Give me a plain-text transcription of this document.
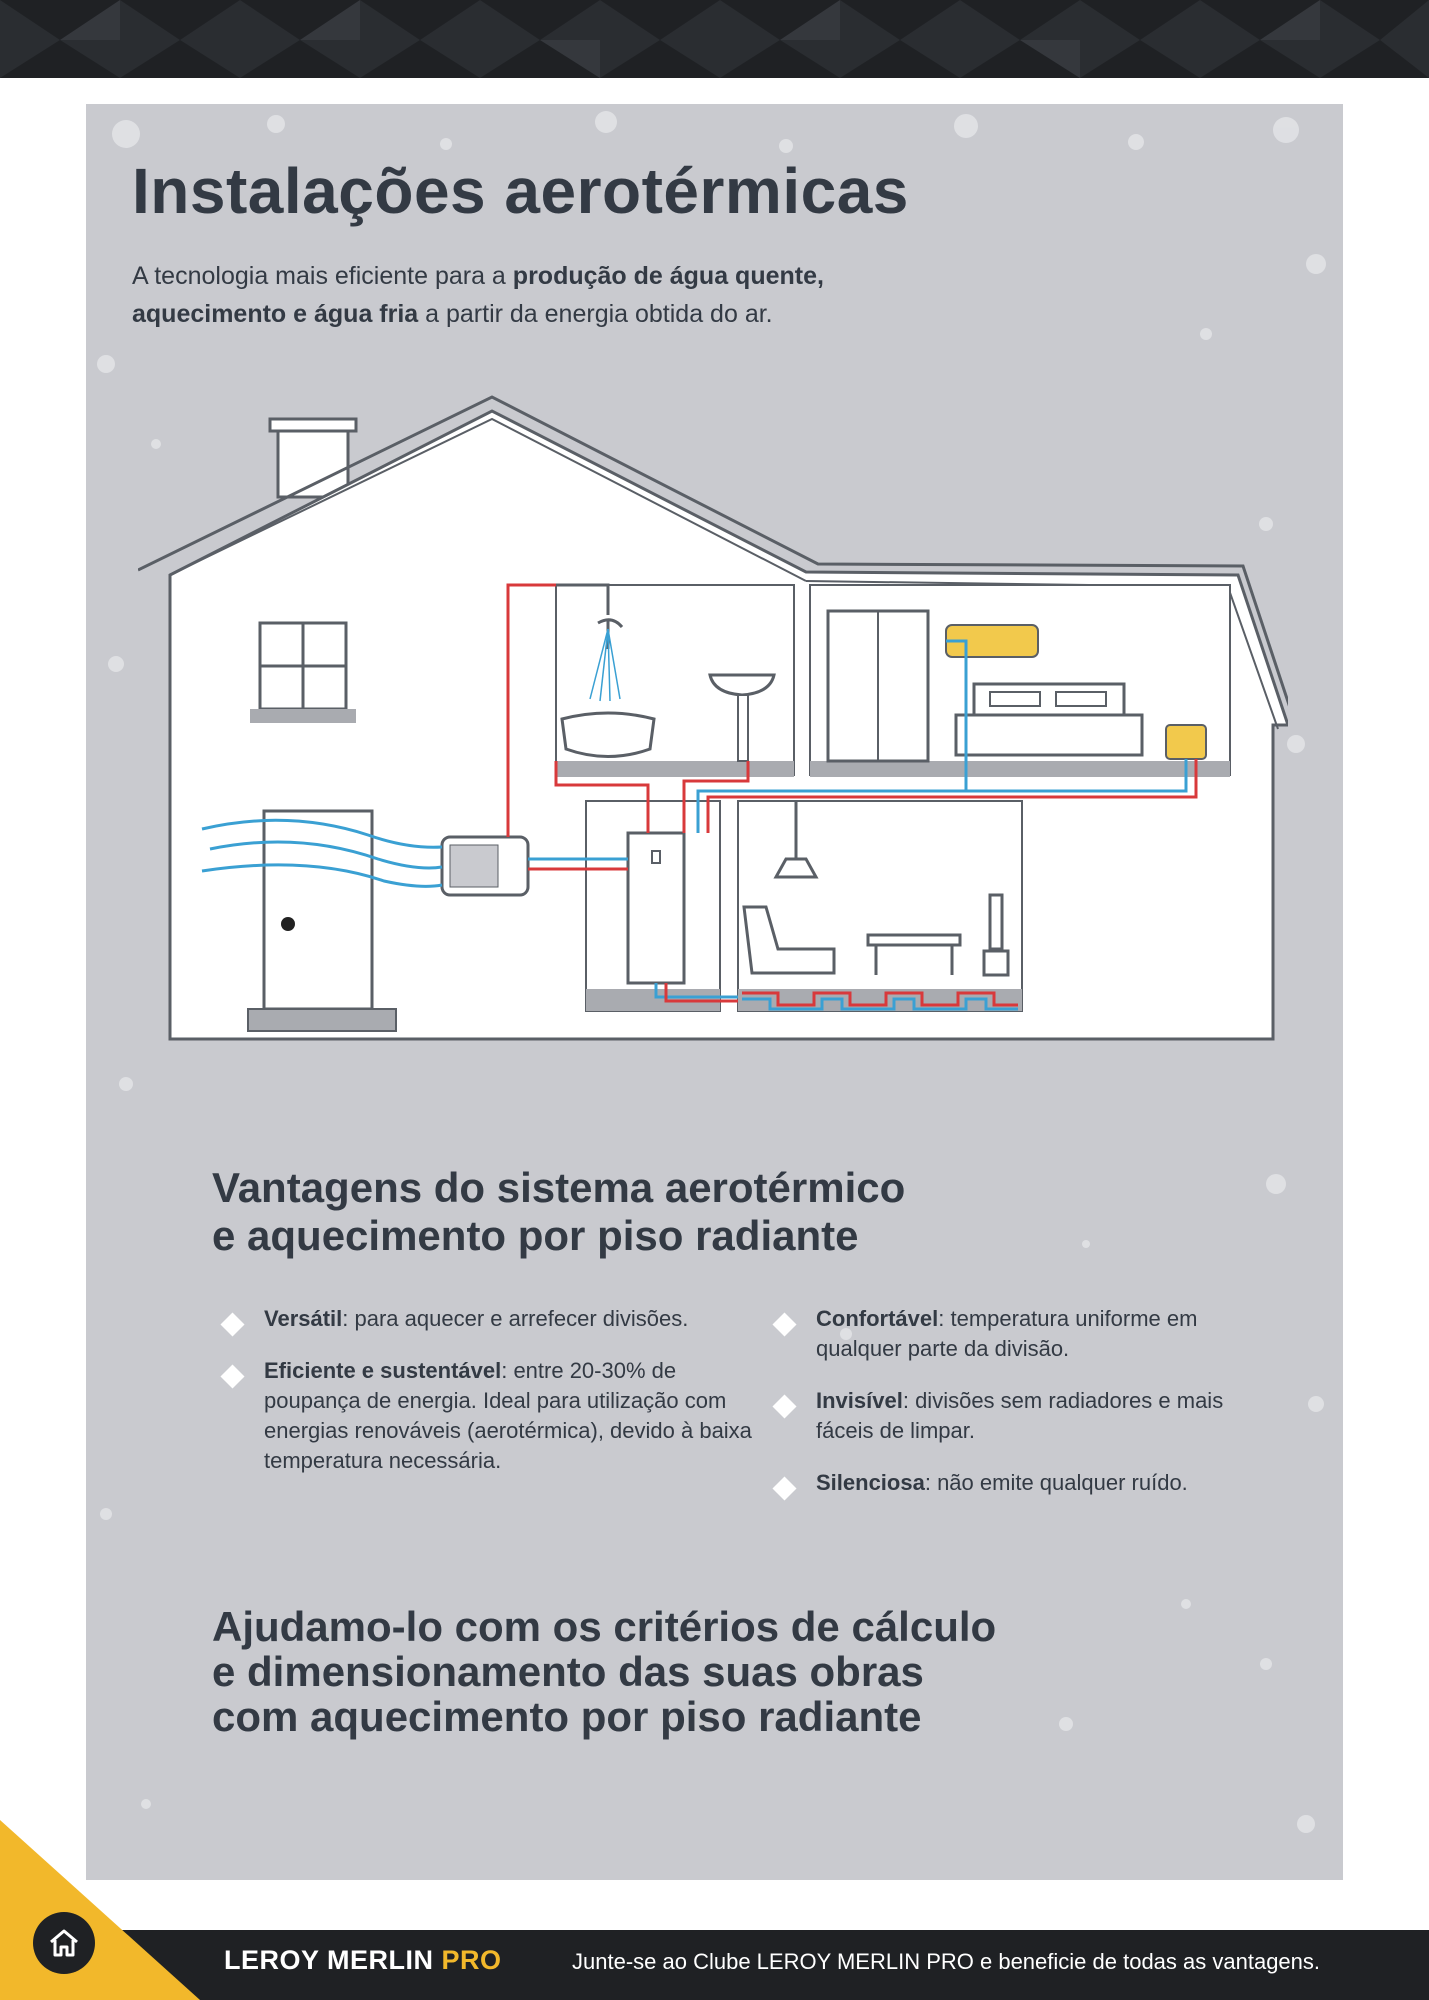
Instalações aerotérmicas
A tecnologia mais eficiente para a produção de água quente,
aquecimento e água fria a partir da energia obtida do ar.
Vantagens do sistema aerotérmico
e aquecimento por piso radiante
Versátil: para aquecer e arrefecer divisões.
Eficiente e sustentável: entre 20-30% de poupança de energia. Ideal para utilização com energias renováveis (aerotérmica), devido à baixa temperatura necessária.
Confortável: temperatura uniforme em qualquer parte da divisão.
Invisível: divisões sem radiadores e mais fáceis de limpar.
Silenciosa: não emite qualquer ruído.
Ajudamo-lo com os critérios de cálculo
e dimensionamento das suas obras
com aquecimento por piso radiante
LEROY MERLIN PRO	Junte-se ao Clube LEROY MERLIN PRO e beneficie de todas as vantagens.
